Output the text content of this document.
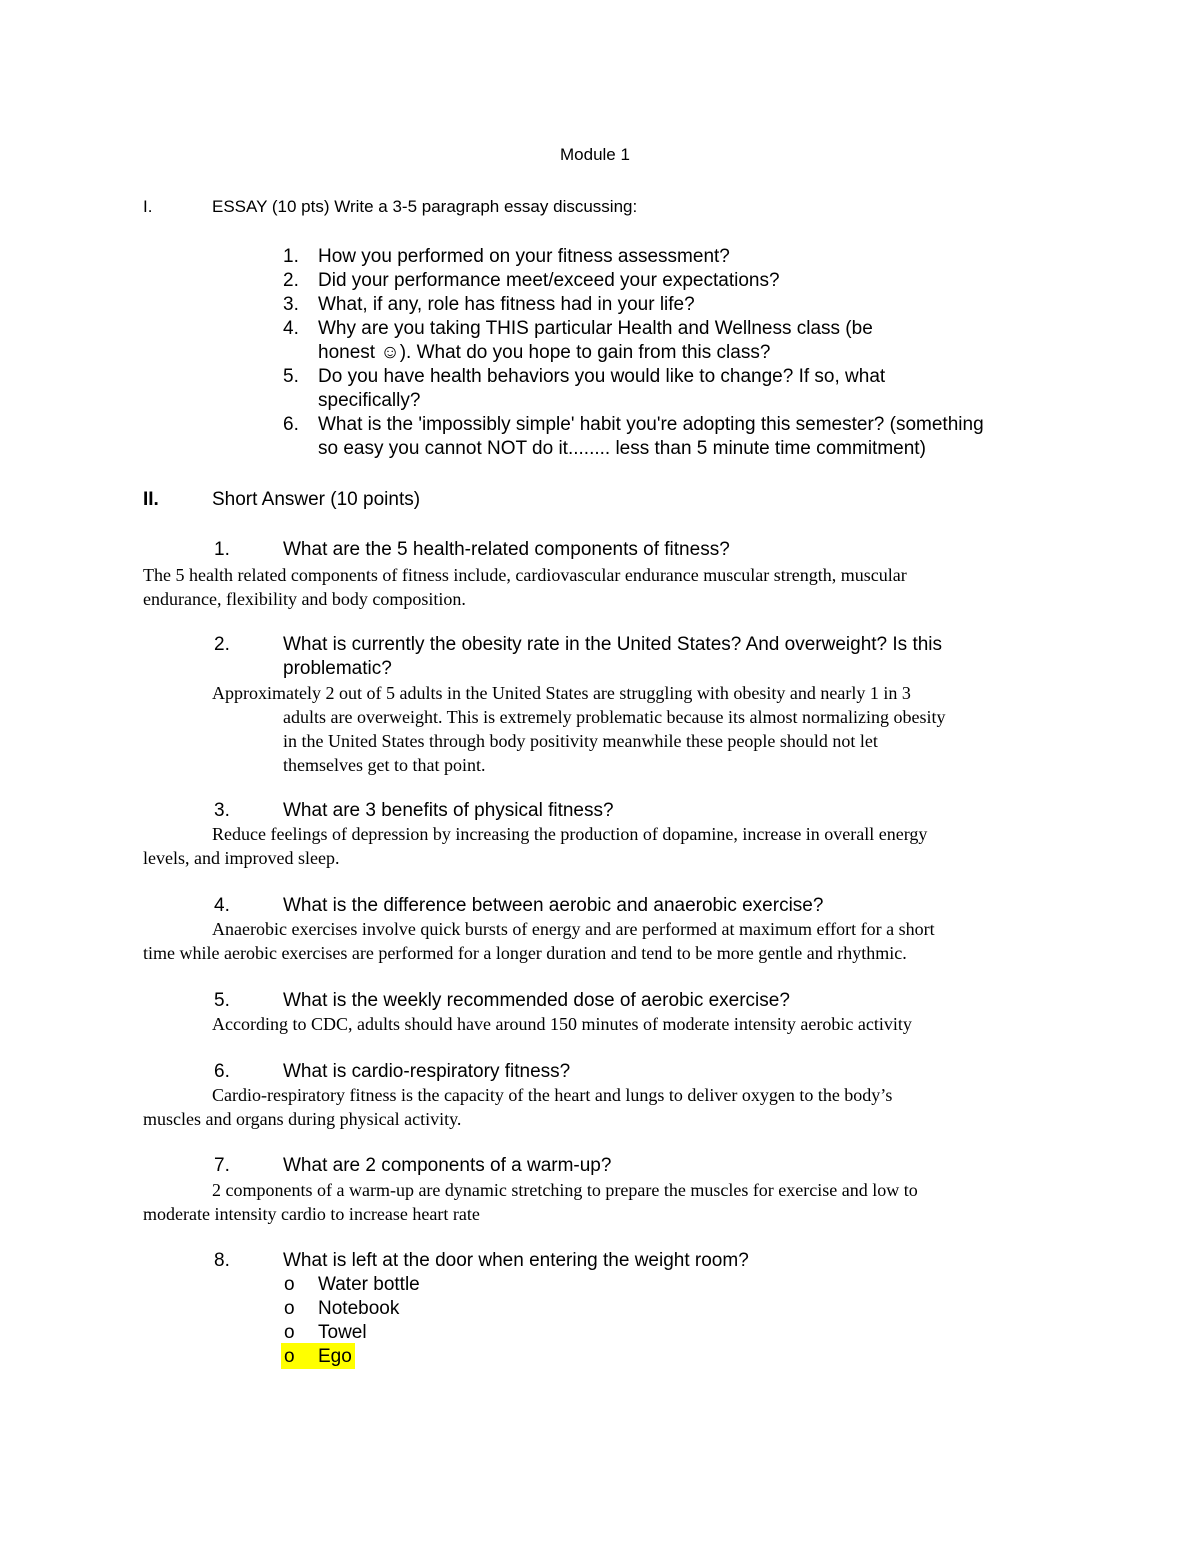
Module 1
I.	ESSAY (10 pts) Write a 3-5 paragraph essay discussing:
1. How you performed on your fitness assessment?
2. Did your performance meet/exceed your expectations?
3. What, if any, role has fitness had in your life?
4. Why are you taking THIS particular Health and Wellness class (be
honest ☺). What do you hope to gain from this class?
5. Do you have health behaviors you would like to change? If so, what
specifically?
6. What is the 'impossibly simple' habit you're adopting this semester? (something
so easy you cannot NOT do it........ less than 5 minute time commitment)
II.	Short Answer (10 points)
1.	What are the 5 health-related components of fitness?
The 5 health related components of fitness include, cardiovascular endurance muscular strength, muscular
endurance, flexibility and body composition.
2.	What is currently the obesity rate in the United States? And overweight? Is this
problematic?
Approximately 2 out of 5 adults in the United States are struggling with obesity and nearly 1 in 3
adults are overweight. This is extremely problematic because its almost normalizing obesity
in the United States through body positivity meanwhile these people should not let
themselves get to that point.
3.	What are 3 benefits of physical fitness?
Reduce feelings of depression by increasing the production of dopamine, increase in overall energy
levels, and improved sleep.
4.	What is the difference between aerobic and anaerobic exercise?
Anaerobic exercises involve quick bursts of energy and are performed at maximum effort for a short
time while aerobic exercises are performed for a longer duration and tend to be more gentle and rhythmic.
5.	What is the weekly recommended dose of aerobic exercise?
According to CDC, adults should have around 150 minutes of moderate intensity aerobic activity
6.	What is cardio-respiratory fitness?
Cardio-respiratory fitness is the capacity of the heart and lungs to deliver oxygen to the body’s
muscles and organs during physical activity.
7.	What are 2 components of a warm-up?
2 components of a warm-up are dynamic stretching to prepare the muscles for exercise and low to
moderate intensity cardio to increase heart rate
8.	What is left at the door when entering the weight room?
o Water bottle
o Notebook
o Towel
o Ego
